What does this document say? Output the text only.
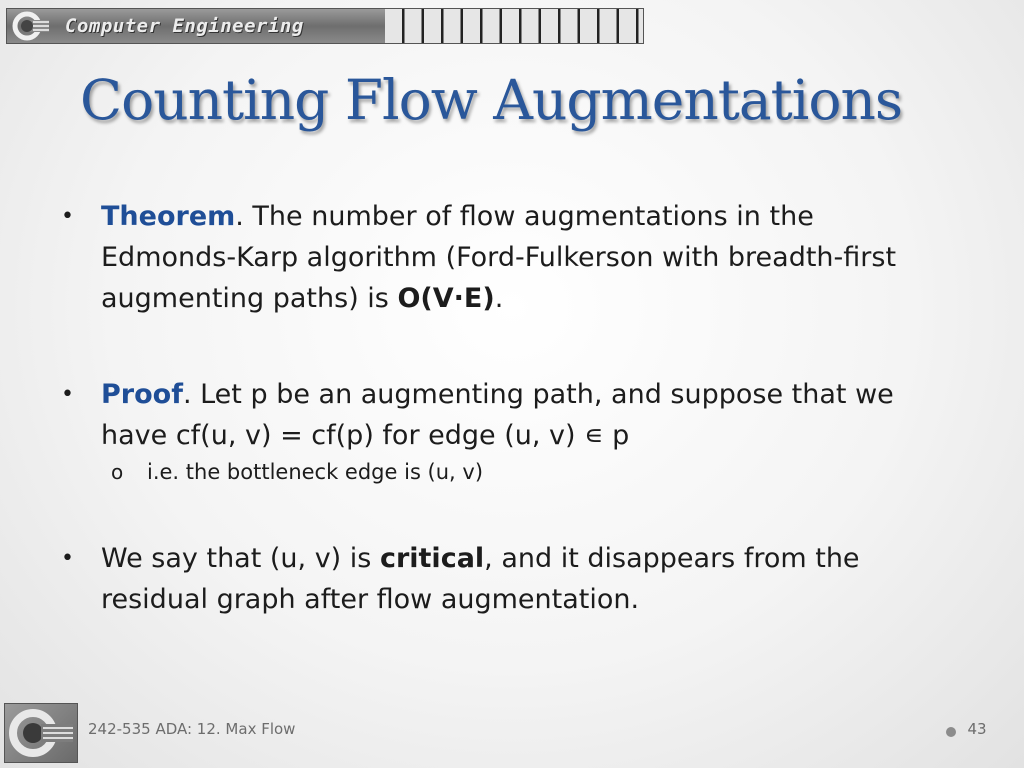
Computer Engineering
Counting Flow Augmentations
• Theorem. The number of flow augmentations in the Edmonds-Karp algorithm (Ford-Fulkerson with breadth-first augmenting paths) is O(V·E).
• Proof. Let p be an augmenting path, and suppose that we have cf(u, v) = cf(p) for edge (u, v) ∊ p
o i.e. the bottleneck edge is (u, v)
• We say that (u, v) is critical, and it disappears from the residual graph after flow augmentation.
242-535 ADA: 12. Max Flow	43
